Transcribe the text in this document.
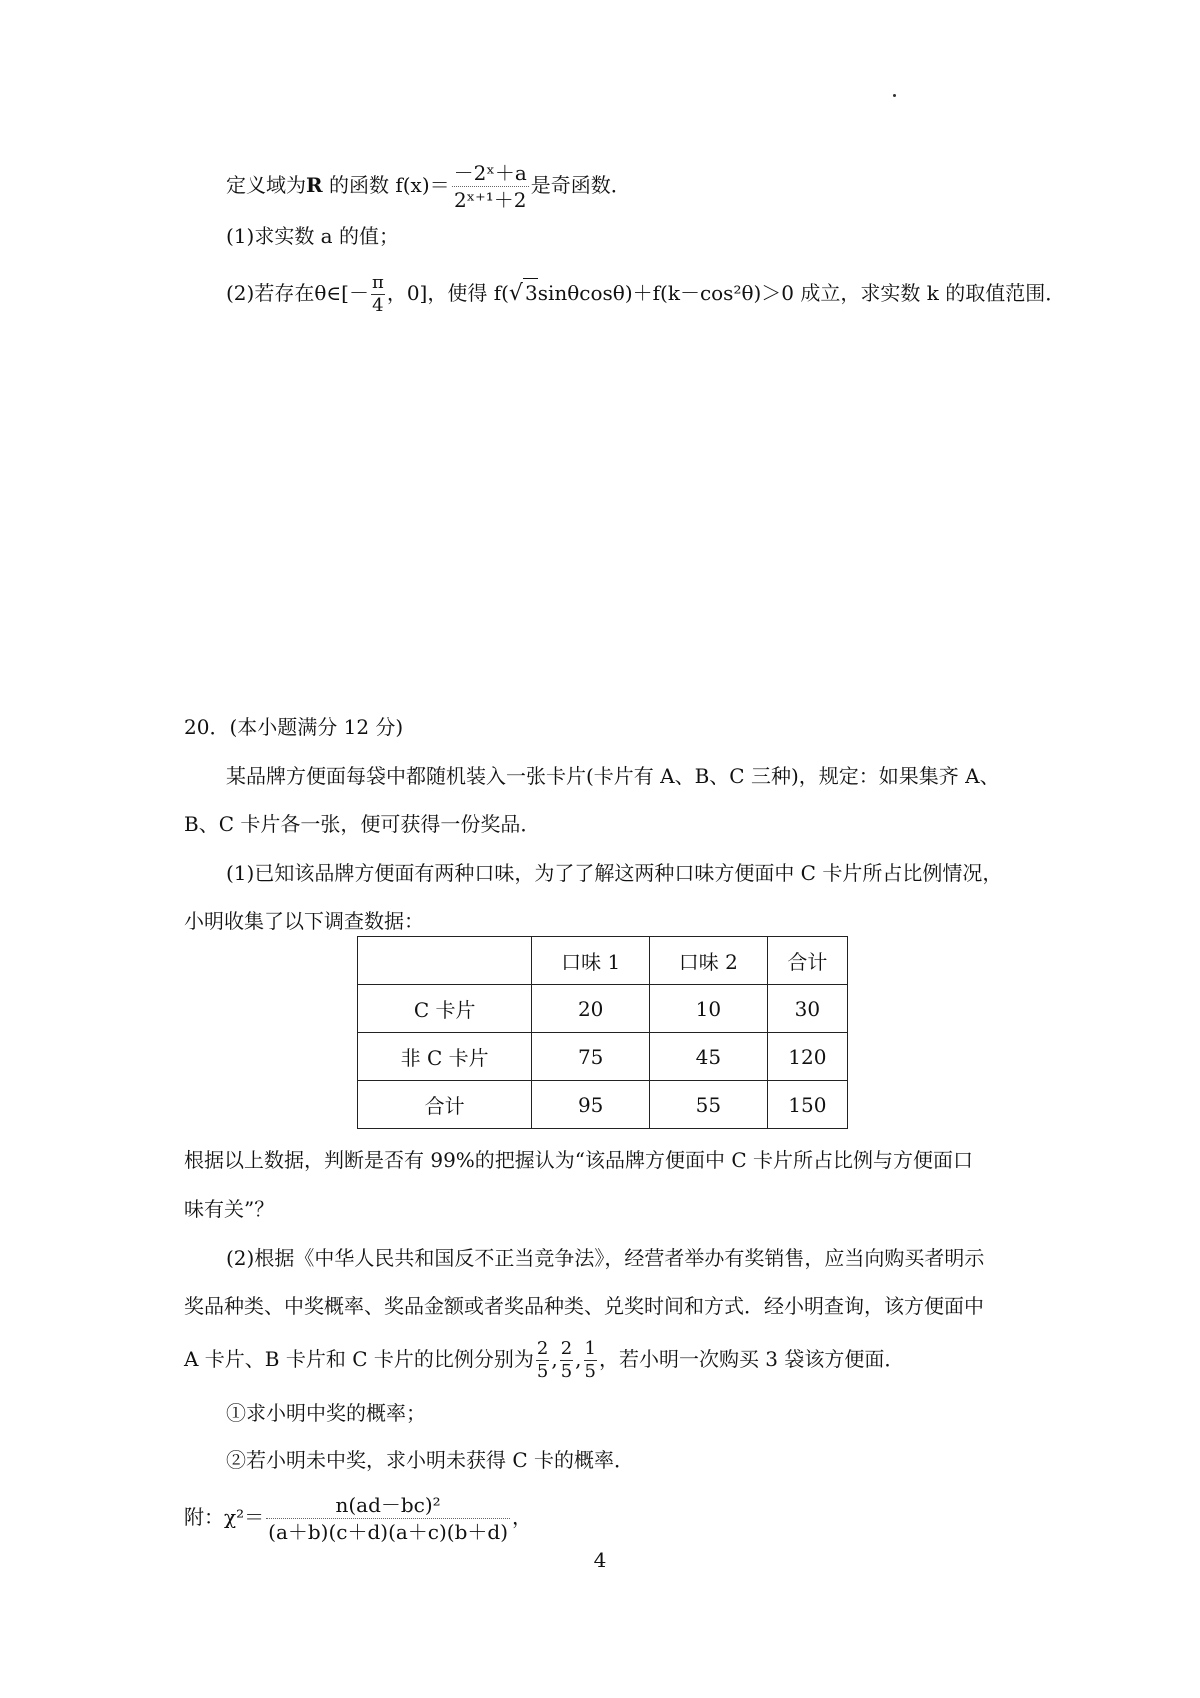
定义域为R 的函数 $f(x)= \frac{\text{－2ˣ＋a}}{\text{2ˣ⁺¹＋2}}$ 是奇函数．
(1)求实数 a 的值；
(2)若存在θ∈[－ $\frac{\pi}{4}$ ，0]，使得 f(√ 3sinθcosθ)＋f(k－cos²θ)＞0 成立，求实数 k 的取值范围．
20．(本小题满分 12 分)
某品牌方便面每袋中都随机装入一张卡片(卡片有 A、B、C 三种)，规定：如果集齐 A、
B、C 卡片各一张，便可获得一份奖品．
(1)已知该品牌方便面有两种口味，为了了解这两种口味方便面中 C 卡片所占比例情况，
小明收集了以下调查数据：
	口味 1	口味 2	合计
C 卡片	20	10	30
非 C 卡片	75	45	120
合计	95	55	150
根据以上数据，判断是否有 99%的把握认为“该品牌方便面中 C 卡片所占比例与方便面口
味有关”？
(2)根据《中华人民共和国反不正当竞争法》，经营者举办有奖销售，应当向购买者明示
奖品种类、中奖概率、奖品金额或者奖品种类、兑奖时间和方式．经小明查询，该方便面中
A 卡片、B 卡片和 C 卡片的比例分别为 $\frac{2}{5}$ , $\frac{2}{5}$ , $\frac{1}{5}$ ，若小明一次购买 3 袋该方便面．
①求小明中奖的概率；
②若小明未中奖，求小明未获得 C 卡的概率．
附：$\chi^2= \frac{\text{n(ad－bc)²}}{(a+b)(c+d)(a+c)(b+d)}$ ，
4
